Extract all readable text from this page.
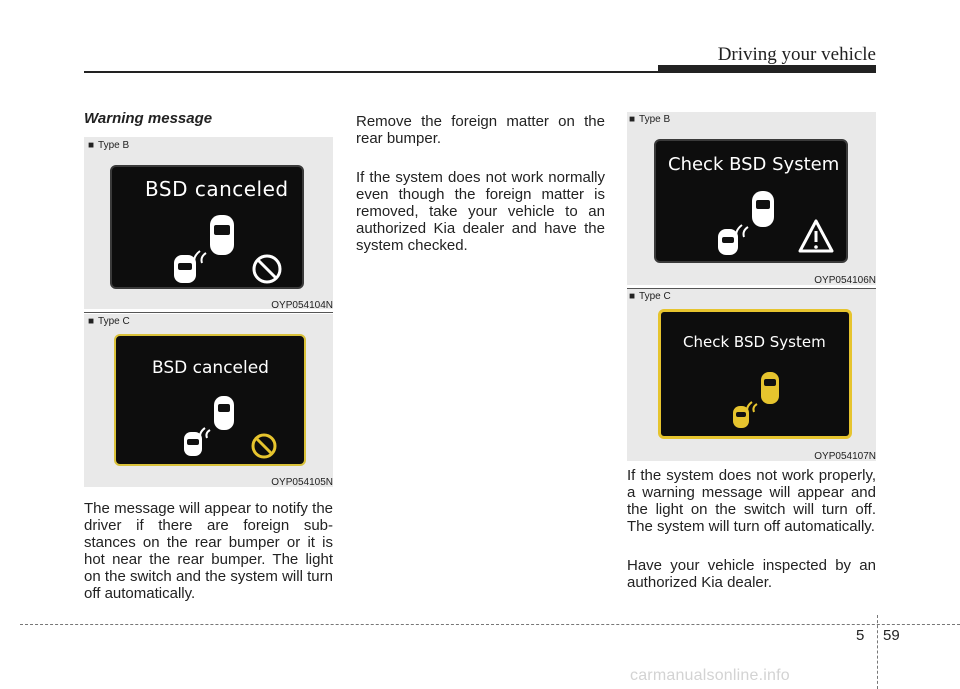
Driving your vehicle
Warning message
■ Type B
BSD canceled
OYP054104N
■ Type C
BSD canceled
OYP054105N

The message will appear to notify the driver if there are foreign sub- stances on the rear bumper or it is hot near the rear bumper. The light on the switch and the system will turn off automatically.

Remove the foreign matter on the rear bumper.

If the system does not work normally even though the foreign matter is removed, take your vehicle to an authorized Kia dealer and have the system checked.

■ Type B
Check BSD System
OYP054106N
■ Type C
Check BSD System
OYP054107N

If the system does not work properly, a warning message will appear and the light on the switch will turn off. The system will turn off automatically.

Have your vehicle inspected by an authorized Kia dealer.

5 59
carmanualsonline.info
